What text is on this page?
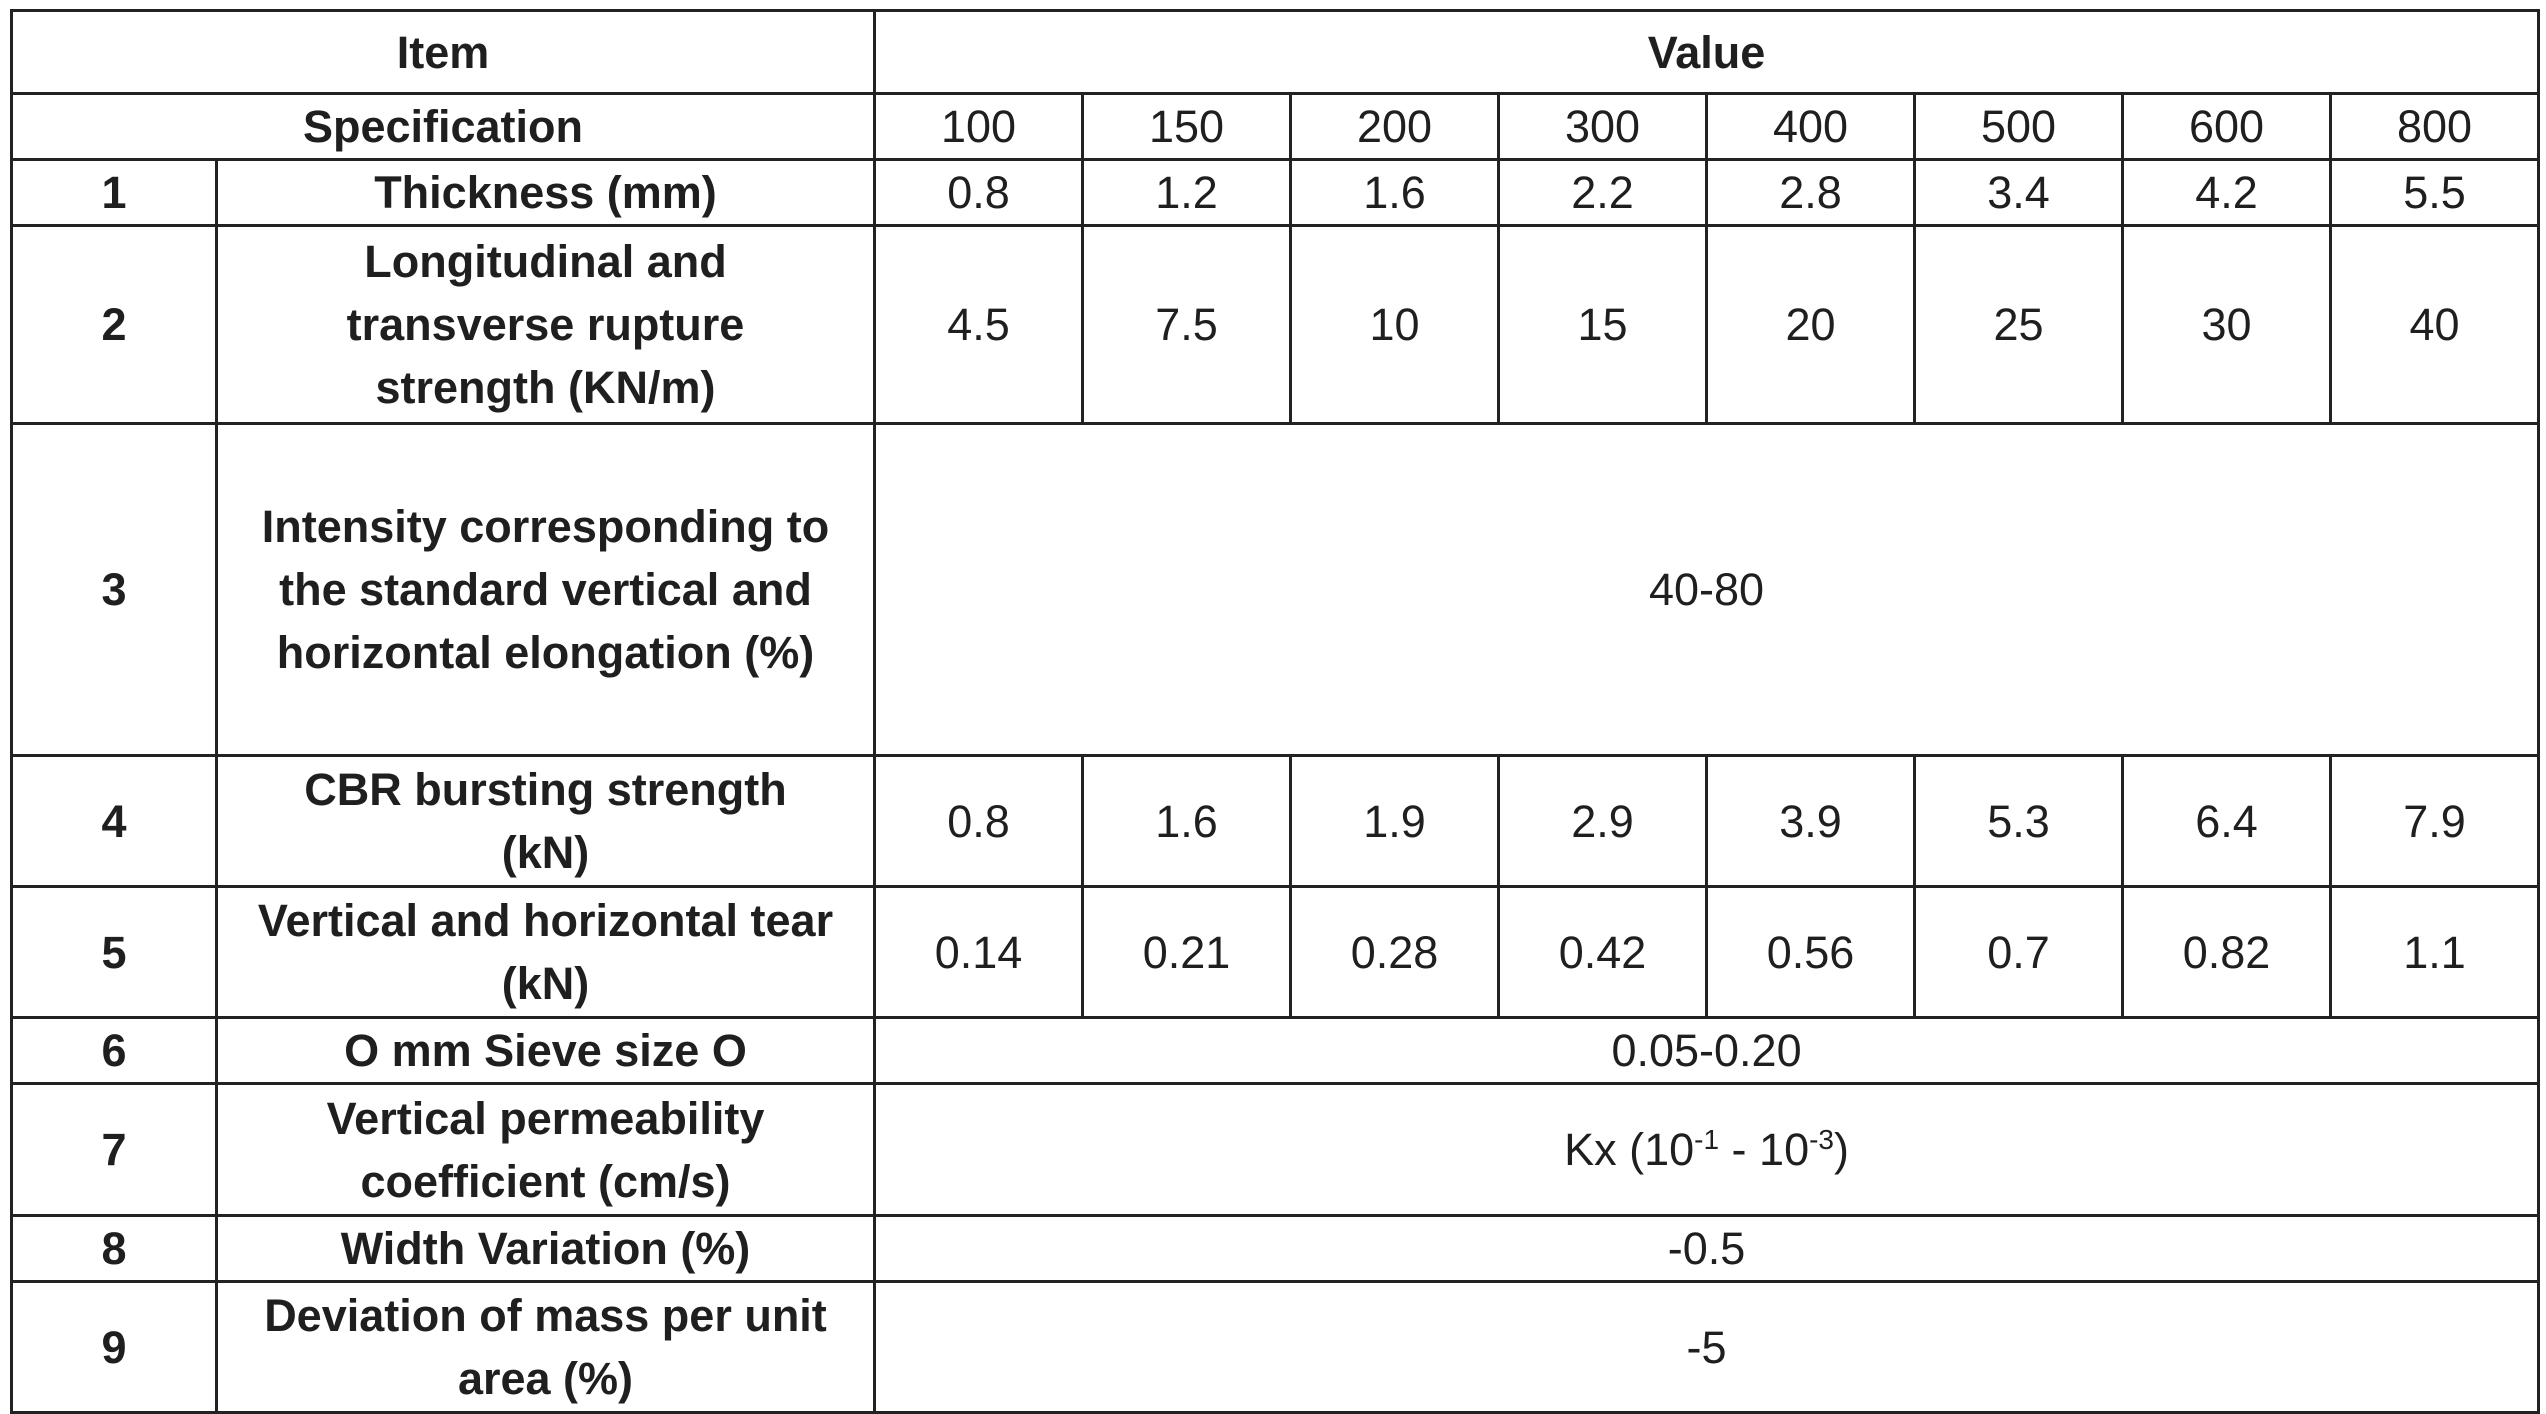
Item		Value							
Specification		100	150	200	300	400	500	600	800
1	Thickness (mm)	0.8	1.2	1.6	2.2	2.8	3.4	4.2	5.5
2	Longitudinal and transverse rupture strength (KN/m)	4.5	7.5	10	15	20	25	30	40
3	Intensity corresponding to the standard vertical and horizontal elongation (%)	40-80							
4	CBR bursting strength (kN)	0.8	1.6	1.9	2.9	3.9	5.3	6.4	7.9
5	Vertical and horizontal tear (kN)	0.14	0.21	0.28	0.42	0.56	0.7	0.82	1.1
6	O mm Sieve size O	0.05-0.20							
7	Vertical permeability coefficient (cm/s)	Kx $(10^{-1} - 10^{-3})$							
8	Width Variation (%)	-0.5							
9	Deviation of mass per unit area (%)	-5							
